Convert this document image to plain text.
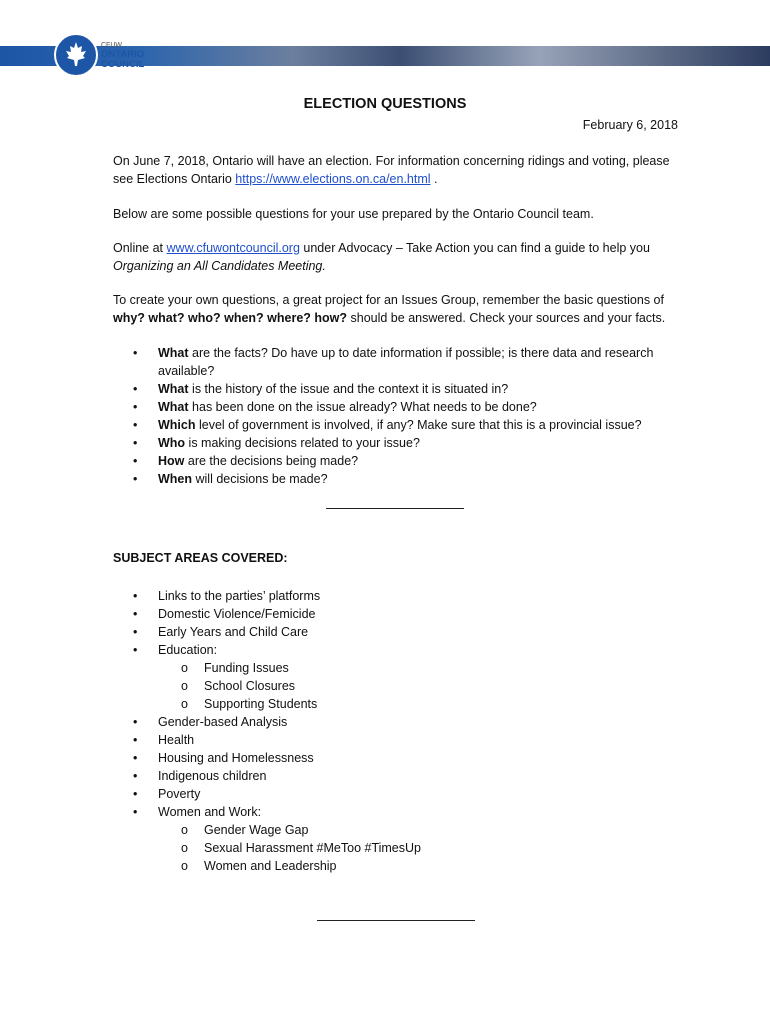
CFUW
ONTARIO
COUNCIL
ELECTION QUESTIONS
February 6, 2018

On June 7, 2018, Ontario will have an election. For information concerning ridings and voting, please see Elections Ontario https://www.elections.on.ca/en.html .

Below are some possible questions for your use prepared by the Ontario Council team.

Online at www.cfuwontcouncil.org under Advocacy – Take Action you can find a guide to help you Organizing an All Candidates Meeting.

To create your own questions, a great project for an Issues Group, remember the basic questions of why? what? who? when? where? how? should be answered. Check your sources and your facts.

• What are the facts? Do have up to date information if possible; is there data and research available?
• What is the history of the issue and the context it is situated in?
• What has been done on the issue already? What needs to be done?
• Which level of government is involved, if any? Make sure that this is a provincial issue?
• Who is making decisions related to your issue?
• How are the decisions being made?
• When will decisions be made?

SUBJECT AREAS COVERED:

• Links to the parties’ platforms
• Domestic Violence/Femicide
• Early Years and Child Care
• Education:
o Funding Issues
o School Closures
o Supporting Students
• Gender-based Analysis
• Health
• Housing and Homelessness
• Indigenous children
• Poverty
• Women and Work:
o Gender Wage Gap
o Sexual Harassment #MeToo #TimesUp
o Women and Leadership
